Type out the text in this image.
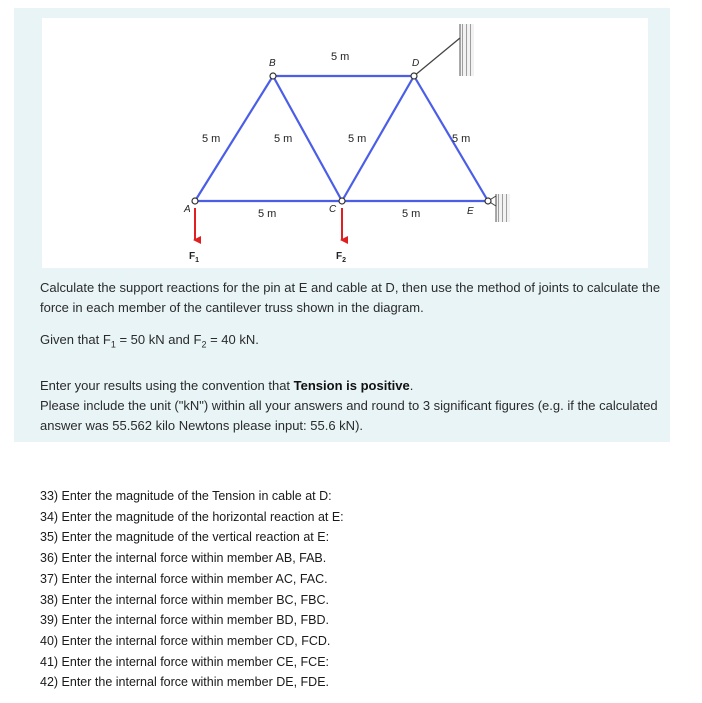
A
B
C
D
E
5 m
5 m	5 m	5 m	5 m
5 m	5 m
$F_1$	$F_2$

Calculate the support reactions for the pin at E and cable at D, then use the method of joints to calculate the force in each member of the cantilever truss shown in the diagram.

Given that $F_1 = 50$ kN and $F_2 = 40$ kN.

Enter your results using the convention that Tension is positive.

Please include the unit ("kN") within all your answers and round to 3 significant figures (e.g. if the calculated answer was 55.562 kilo Newtons please input: 55.6 kN).

33) Enter the magnitude of the Tension in cable at D:
34) Enter the magnitude of the horizontal reaction at E:
35) Enter the magnitude of the vertical reaction at E:
36) Enter the internal force within member AB, FAB.
37) Enter the internal force within member AC, FAC.
38) Enter the internal force within member BC, FBC.
39) Enter the internal force within member BD, FBD.
40) Enter the internal force within member CD, FCD.
41) Enter the internal force within member CE, FCE:
42) Enter the internal force within member DE, FDE.
